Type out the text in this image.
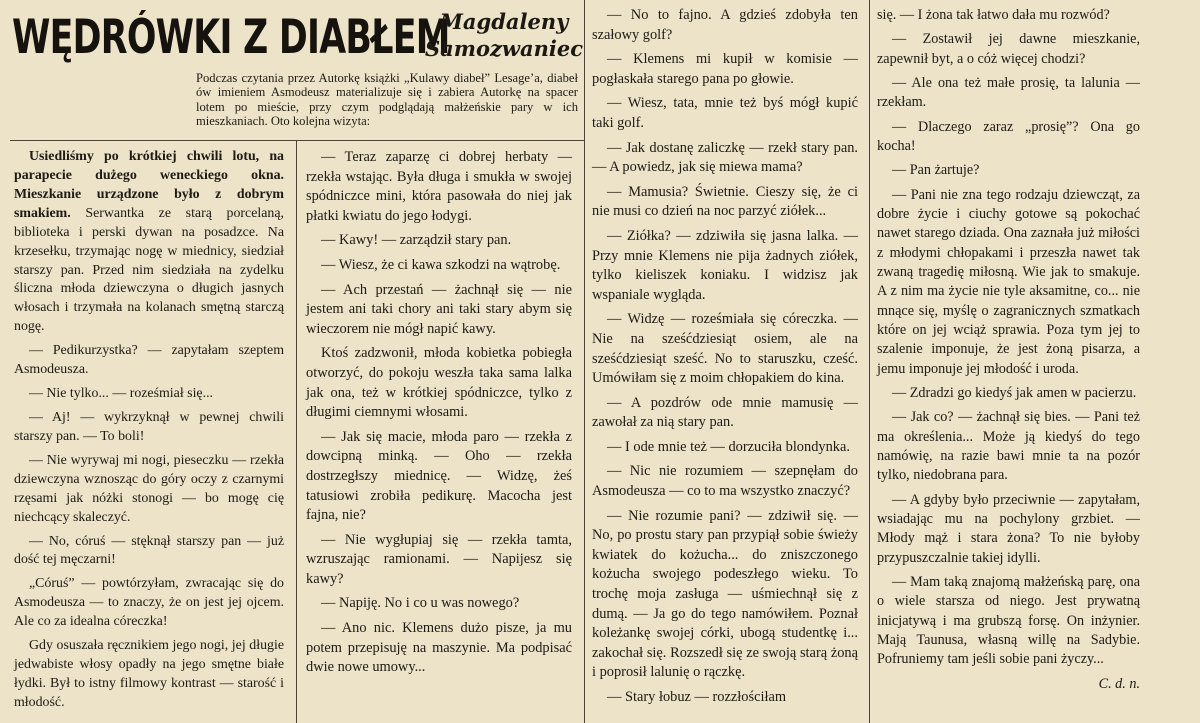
WĘDRÓWKI Z DIABŁEM
Magdaleny
Samozwaniec
Podczas czytania przez Autorkę książki „Kulawy diabeł” Lesage’a, diabeł ów imieniem Asmodeusz materializuje się i zabiera Autorkę na spacer lotem po mieście, przy czym podglądają małżeńskie pary w ich mieszkaniach. Oto kolejna wizyta:

Usiedliśmy po krótkiej chwili lotu, na parapecie dużego weneckiego okna. Mieszkanie urządzone było z dobrym smakiem. Serwantka ze starą porcelaną, biblioteka i perski dywan na posadzce. Na krzesełku, trzymając nogę w miednicy, siedział starszy pan. Przed nim siedziała na zydelku śliczna młoda dziewczyna o długich jasnych włosach i trzymała na kolanach smętną starczą nogę.

— Pedikurzystka? — zapytałam szeptem Asmodeusza.

— Nie tylko... — roześmiał się...

— Aj! — wykrzyknął w pewnej chwili starszy pan. — To boli!

— Nie wyrywaj mi nogi, pieseczku — rzekła dziewczyna wznosząc do góry oczy z czarnymi rzęsami jak nóżki stonogi — bo mogę cię niechcący skaleczyć.

— No, córuś — stęknął starszy pan — już dość tej męczarni!

„Córuś” — powtórzyłam, zwracając się do Asmodeusza — to znaczy, że on jest jej ojcem. Ale co za idealna córeczka!

Gdy osuszała ręcznikiem jego nogi, jej długie jedwabiste włosy opadły na jego smętne białe łydki. Był to istny filmowy kontrast — starość i młodość.

— Teraz zaparzę ci dobrej herbaty — rzekła wstając. Była długa i smukła w swojej spódniczce mini, która pasowała do niej jak płatki kwiatu do jego łodygi.

— Kawy! — zarządził stary pan.

— Wiesz, że ci kawa szkodzi na wątrobę.

— Ach przestań — żachnął się — nie jestem ani taki chory ani taki stary abym się wieczorem nie mógł napić kawy.

Ktoś zadzwonił, młoda kobietka pobiegła otworzyć, do pokoju weszła taka sama lalka jak ona, też w krótkiej spódniczce, tylko z długimi ciemnymi włosami.

— Jak się macie, młoda paro — rzekła z dowcipną minką. — Oho — rzekła dostrzegłszy miednicę. — Widzę, żeś tatusiowi zrobiła pedikurę. Macocha jest fajna, nie?

— Nie wygłupiaj się — rzekła tamta, wzruszając ramionami. — Napijesz się kawy?

— Napiję. No i co u was nowego?

— Ano nic. Klemens dużo pisze, ja mu potem przepisuję na maszynie. Ma podpisać dwie nowe umowy...

— No to fajno. A gdzieś zdobyła ten szałowy golf?

— Klemens mi kupił w komisie — pogłaskała starego pana po głowie.

— Wiesz, tata, mnie też byś mógł kupić taki golf.

— Jak dostanę zaliczkę — rzekł stary pan. — A powiedz, jak się miewa mama?

— Mamusia? Świetnie. Cieszy się, że ci nie musi co dzień na noc parzyć ziółek...

— Ziółka? — zdziwiła się jasna lalka. — Przy mnie Klemens nie pija żadnych ziółek, tylko kieliszek koniaku. I widzisz jak wspaniale wygląda.

— Widzę — roześmiała się córeczka. — Nie na sześćdziesiąt osiem, ale na sześćdziesiąt sześć. No to staruszku, cześć. Umówiłam się z moim chłopakiem do kina.

— A pozdrów ode mnie mamusię — zawołał za nią stary pan.

— I ode mnie też — dorzuciła blondynka.

— Nic nie rozumiem — szepnęłam do Asmodeusza — co to ma wszystko znaczyć?

— Nie rozumie pani? — zdziwił się. — No, po prostu stary pan przypiął sobie świeży kwiatek do kożucha... do zniszczonego kożucha swojego podeszłego wieku. To trochę moja zasługa — uśmiechnął się z dumą. — Ja go do tego namówiłem. Poznał koleżankę swojej córki, ubogą studentkę i... zakochał się. Rozszedł się ze swoją starą żoną i poprosił lalunię o rączkę.

— Stary łobuz — rozzłościłam

się. — I żona tak łatwo dała mu rozwód?

— Zostawił jej dawne mieszkanie, zapewnił byt, a o cóż więcej chodzi?

— Ale ona też małe prosię, ta lalunia — rzekłam.

— Dlaczego zaraz „prosię”? Ona go kocha!

— Pan żartuje?

— Pani nie zna tego rodzaju dziewcząt, za dobre życie i ciuchy gotowe są pokochać nawet starego dziada. Ona zaznała już miłości z młodymi chłopakami i przeszła nawet tak zwaną tragedię miłosną. Wie jak to smakuje. A z nim ma życie nie tyle aksamitne, co... nie mnące się, myślę o zagranicznych szmatkach które on jej wciąż sprawia. Poza tym jej to szalenie imponuje, że jest żoną pisarza, a jemu imponuje jej młodość i uroda.

— Zdradzi go kiedyś jak amen w pacierzu.

— Jak co? — żachnął się bies. — Pani też ma określenia... Może ją kiedyś do tego namówię, na razie bawi mnie ta na pozór tylko, niedobrana para.

— A gdyby było przeciwnie — zapytałam, wsiadając mu na pochylony grzbiet. — Młody mąż i stara żona? To nie byłoby przypuszczalnie takiej idylli.

— Mam taką znajomą małżeńską parę, ona o wiele starsza od niego. Jest prywatną inicjatywą i ma grubszą forsę. On inżynier. Mają Taunusa, własną willę na Sadybie. Pofruniemy tam jeśli sobie pani życzy...

C. d. n.
